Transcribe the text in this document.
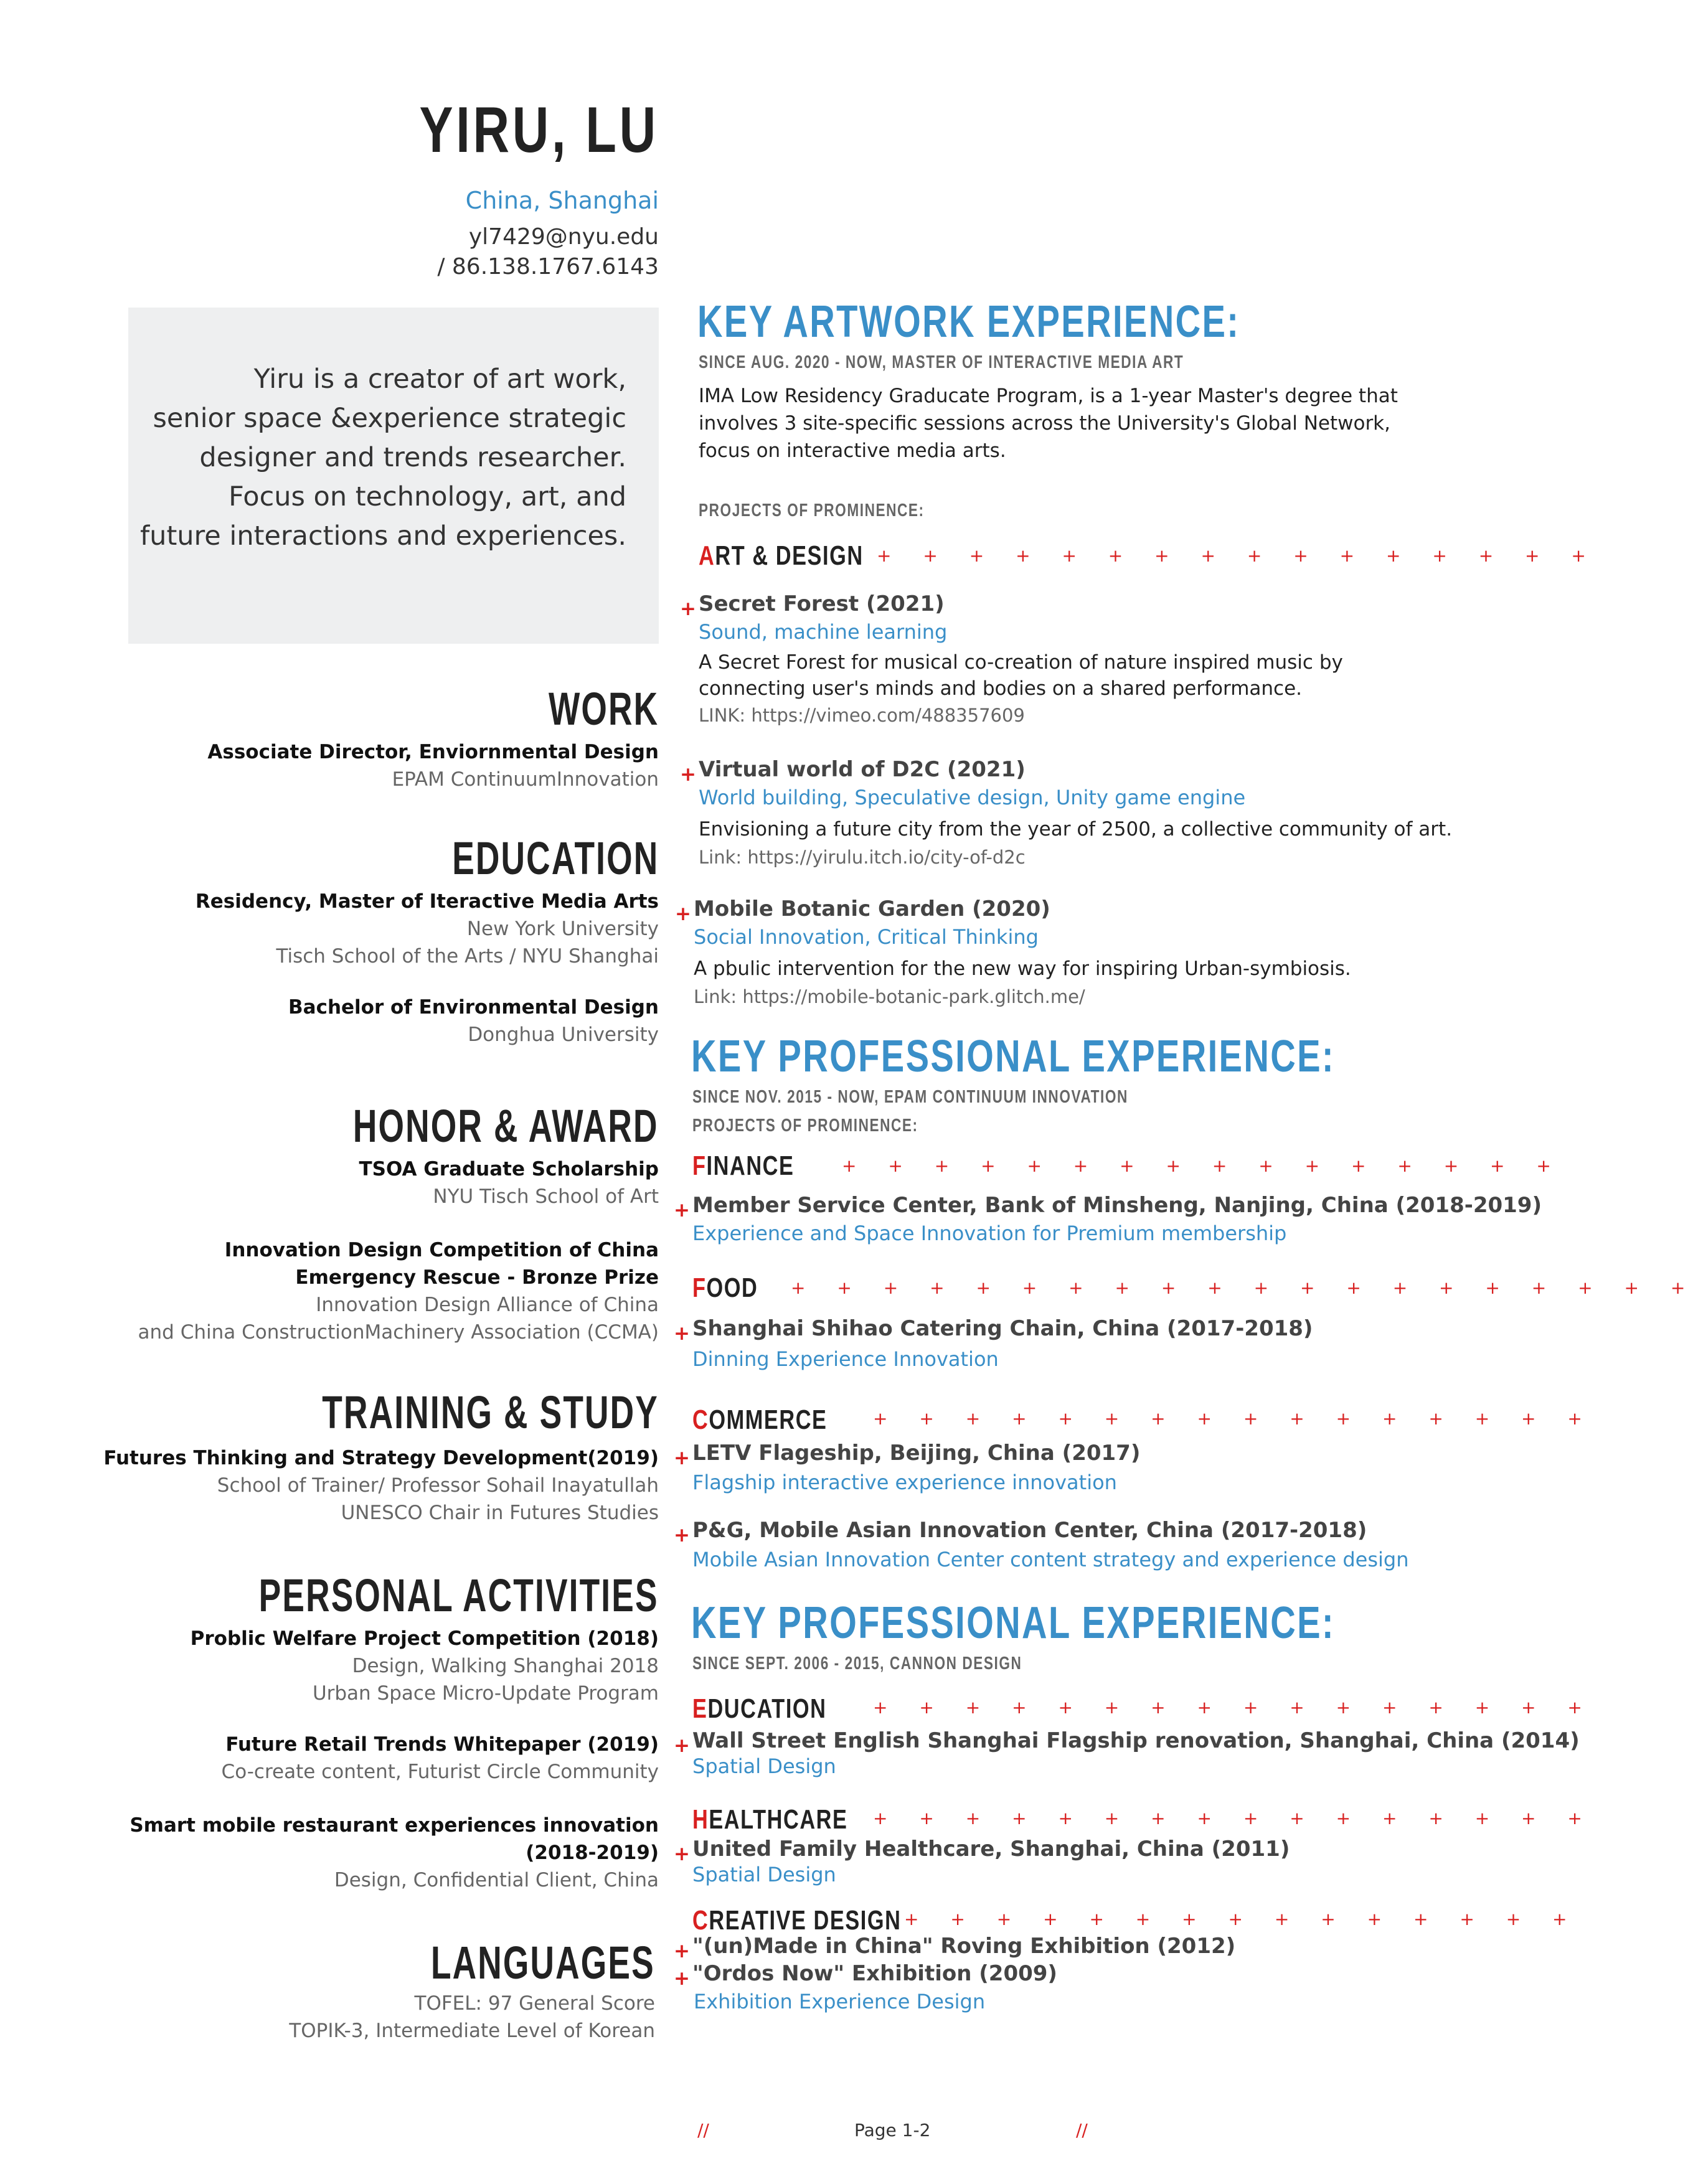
YIRU, LU
China, Shanghai
yl7429@nyu.edu
/ 86.138.1767.6143
Yiru is a creator of art work,
senior space &experience strategic
designer and trends researcher.
Focus on technology, art, and
future interactions and experiences.
WORK
Associate Director, Enviornmental Design
EPAM ContinuumInnovation
EDUCATION
Residency, Master of Iteractive Media Arts
New York University
Tisch School of the Arts / NYU Shanghai
Bachelor of Environmental Design
Donghua University
HONOR & AWARD
TSOA Graduate Scholarship
NYU Tisch School of Art
Innovation Design Competition of China
Emergency Rescue - Bronze Prize
Innovation Design Alliance of China
and China ConstructionMachinery Association (CCMA)
TRAINING & STUDY
Futures Thinking and Strategy Development(2019)
School of Trainer/ Professor Sohail Inayatullah
UNESCO Chair in Futures Studies
PERSONAL ACTIVITIES
Problic Welfare Project Competition (2018)
Design, Walking Shanghai 2018
Urban Space Micro-Update Program
Future Retail Trends Whitepaper (2019)
Co-create content, Futurist Circle Community
Smart mobile restaurant experiences innovation
(2018-2019)
Design, Confidential Client, China
LANGUAGES
TOFEL: 97 General Score
TOPIK-3, Intermediate Level of Korean
KEY ARTWORK EXPERIENCE:
SINCE AUG. 2020 - NOW, MASTER OF INTERACTIVE MEDIA ART
IMA Low Residency Graducate Program, is a 1-year Master's degree that
involves 3 site-specific sessions across the University's Global Network,
focus on interactive media arts.
PROJECTS OF PROMINENCE:
ART & DESIGN + + + + + + + + + + + + + + + +
+ Secret Forest (2021)
Sound, machine learning
A Secret Forest for musical co-creation of nature inspired music by
connecting user's minds and bodies on a shared performance.
LINK: https://vimeo.com/488357609
+ Virtual world of D2C (2021)
World building, Speculative design, Unity game engine
Envisioning a future city from the year of 2500, a collective community of art.
Link: https://yirulu.itch.io/city-of-d2c
+ Mobile Botanic Garden (2020)
Social Innovation, Critical Thinking
A pbulic intervention for the new way for inspiring Urban-symbiosis.
Link: https://mobile-botanic-park.glitch.me/
KEY PROFESSIONAL EXPERIENCE:
SINCE NOV. 2015 - NOW, EPAM CONTINUUM INNOVATION
PROJECTS OF PROMINENCE:
FINANCE	+ + + + + + + + + + + + + + + +
+ Member Service Center, Bank of Minsheng, Nanjing, China (2018-2019)
Experience and Space Innovation for Premium membership
FOOD + + + + + + + + + + + + + + + + + + + +
+ Shanghai Shihao Catering Chain, China (2017-2018)
Dinning Experience Innovation
COMMERCE	+ + + + + + + + + + + + + + + +
+ LETV Flageship, Beijing, China (2017)
Flagship interactive experience innovation
+ P&G, Mobile Asian Innovation Center, China (2017-2018)
Mobile Asian Innovation Center content strategy and experience design
KEY PROFESSIONAL EXPERIENCE:
SINCE SEPT. 2006 - 2015, CANNON DESIGN
EDUCATION	+ + + + + + + + + + + + + + + +
+ Wall Street English Shanghai Flagship renovation, Shanghai, China (2014)
Spatial Design
HEALTHCARE + + + + + + + + + + + + + + + +
+ United Family Healthcare, Shanghai, China (2011)
Spatial Design
CREATIVE DESIGN + + + + + + + + + + + + + + +
+ "(un)Made in China" Roving Exhibition (2012)
+ "Ordos Now" Exhibition (2009)
Exhibition Experience Design
//	Page 1-2	//
